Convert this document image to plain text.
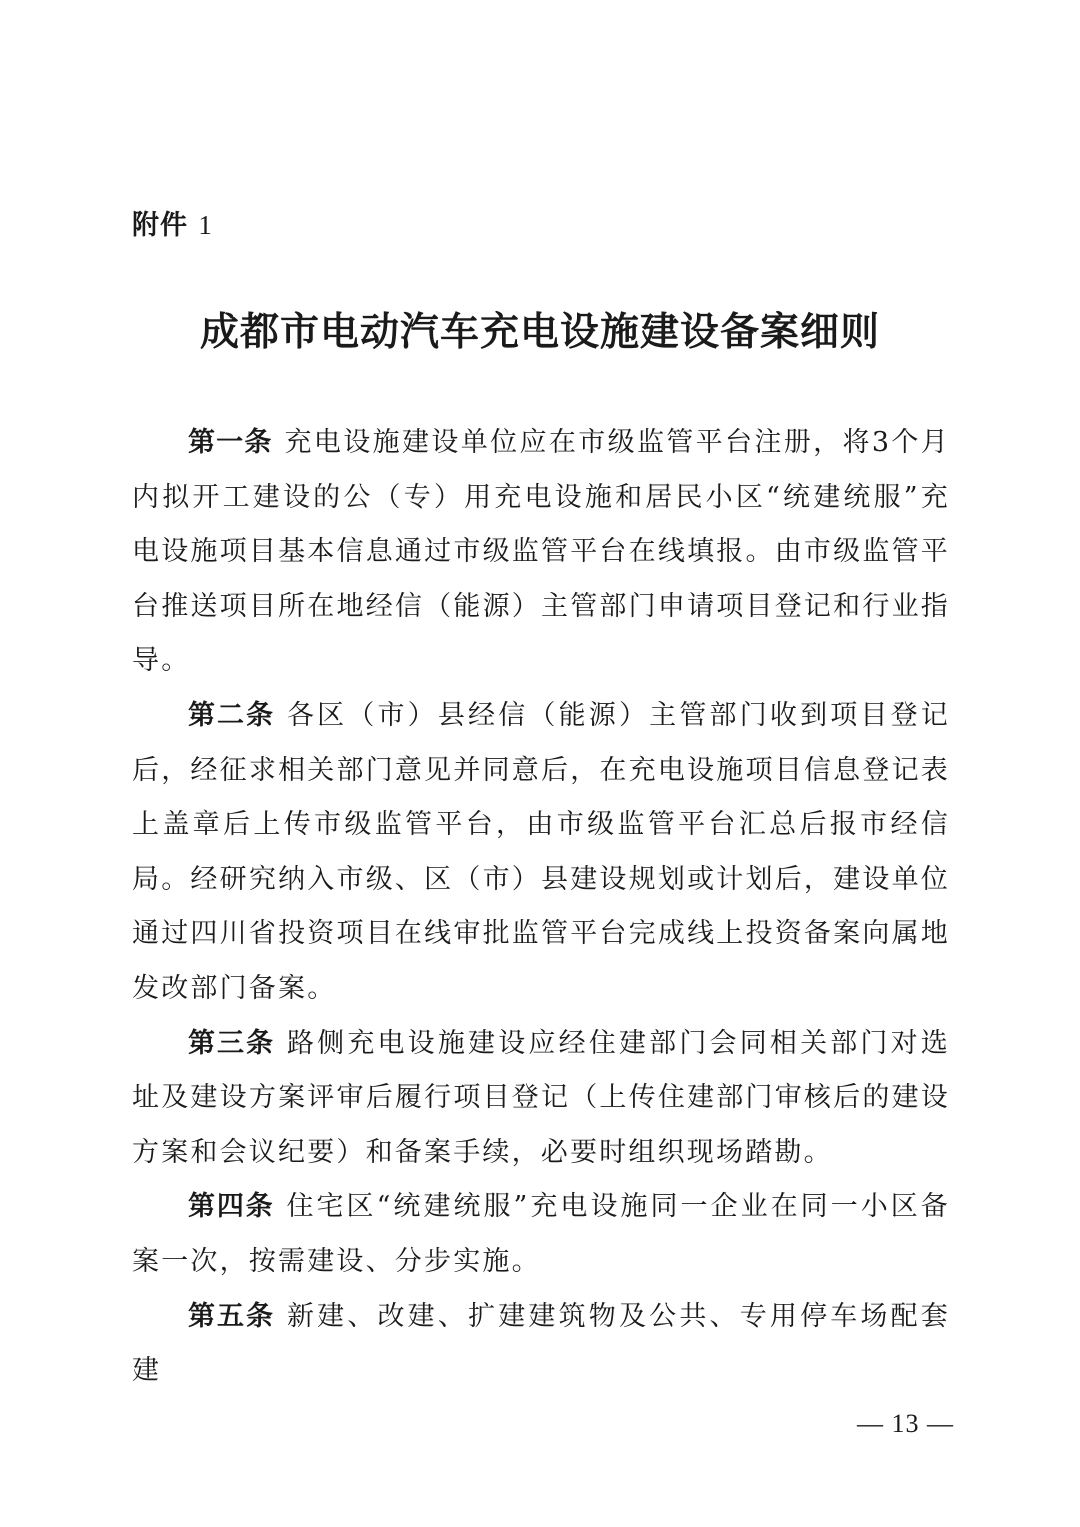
附件 1
成都市电动汽车充电设施建设备案细则

第一条 充电设施建设单位应在市级监管平台注册，将3个月内拟开工建设的公（专）用充电设施和居民小区“统建统服”充电设施项目基本信息通过市级监管平台在线填报。由市级监管平台推送项目所在地经信（能源）主管部门申请项目登记和行业指导。

第二条 各区（市）县经信（能源）主管部门收到项目登记后，经征求相关部门意见并同意后，在充电设施项目信息登记表上盖章后上传市级监管平台，由市级监管平台汇总后报市经信局。经研究纳入市级、区（市）县建设规划或计划后，建设单位通过四川省投资项目在线审批监管平台完成线上投资备案向属地发改部门备案。

第三条 路侧充电设施建设应经住建部门会同相关部门对选址及建设方案评审后履行项目登记（上传住建部门审核后的建设方案和会议纪要）和备案手续，必要时组织现场踏勘。

第四条 住宅区“统建统服”充电设施同一企业在同一小区备案一次，按需建设、分步实施。

第五条 新建、改建、扩建建筑物及公共、专用停车场配套建

— 13 —
